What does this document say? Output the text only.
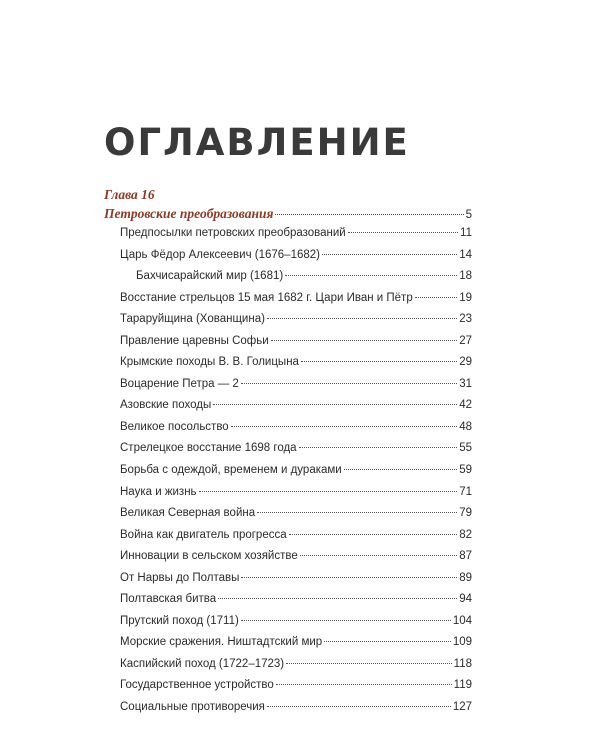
ОГЛАВЛЕНИЕ
Глава 16
Петровские преобразования	5
Предпосылки петровских преобразований	11
Царь Фёдор Алексеевич (1676–1682)	14
Бахчисарайский мир (1681)	18
Восстание стрельцов 15 мая 1682 г. Цари Иван и Пётр	19
Тараруйщина (Хованщина)	23
Правление царевны Софьи	27
Крымские походы В. В. Голицына	29
Воцарение Петра — 2	31
Азовские походы	42
Великое посольство	48
Стрелецкое восстание 1698 года	55
Борьба с одеждой, временем и дураками	59
Наука и жизнь	71
Великая Северная война	79
Война как двигатель прогресса	82
Инновации в сельском хозяйстве	87
От Нарвы до Полтавы	89
Полтавская битва	94
Прутский поход (1711)	104
Морские сражения. Ништадтский мир	109
Каспийский поход (1722–1723)	118
Государственное устройство	119
Социальные противоречия	127
